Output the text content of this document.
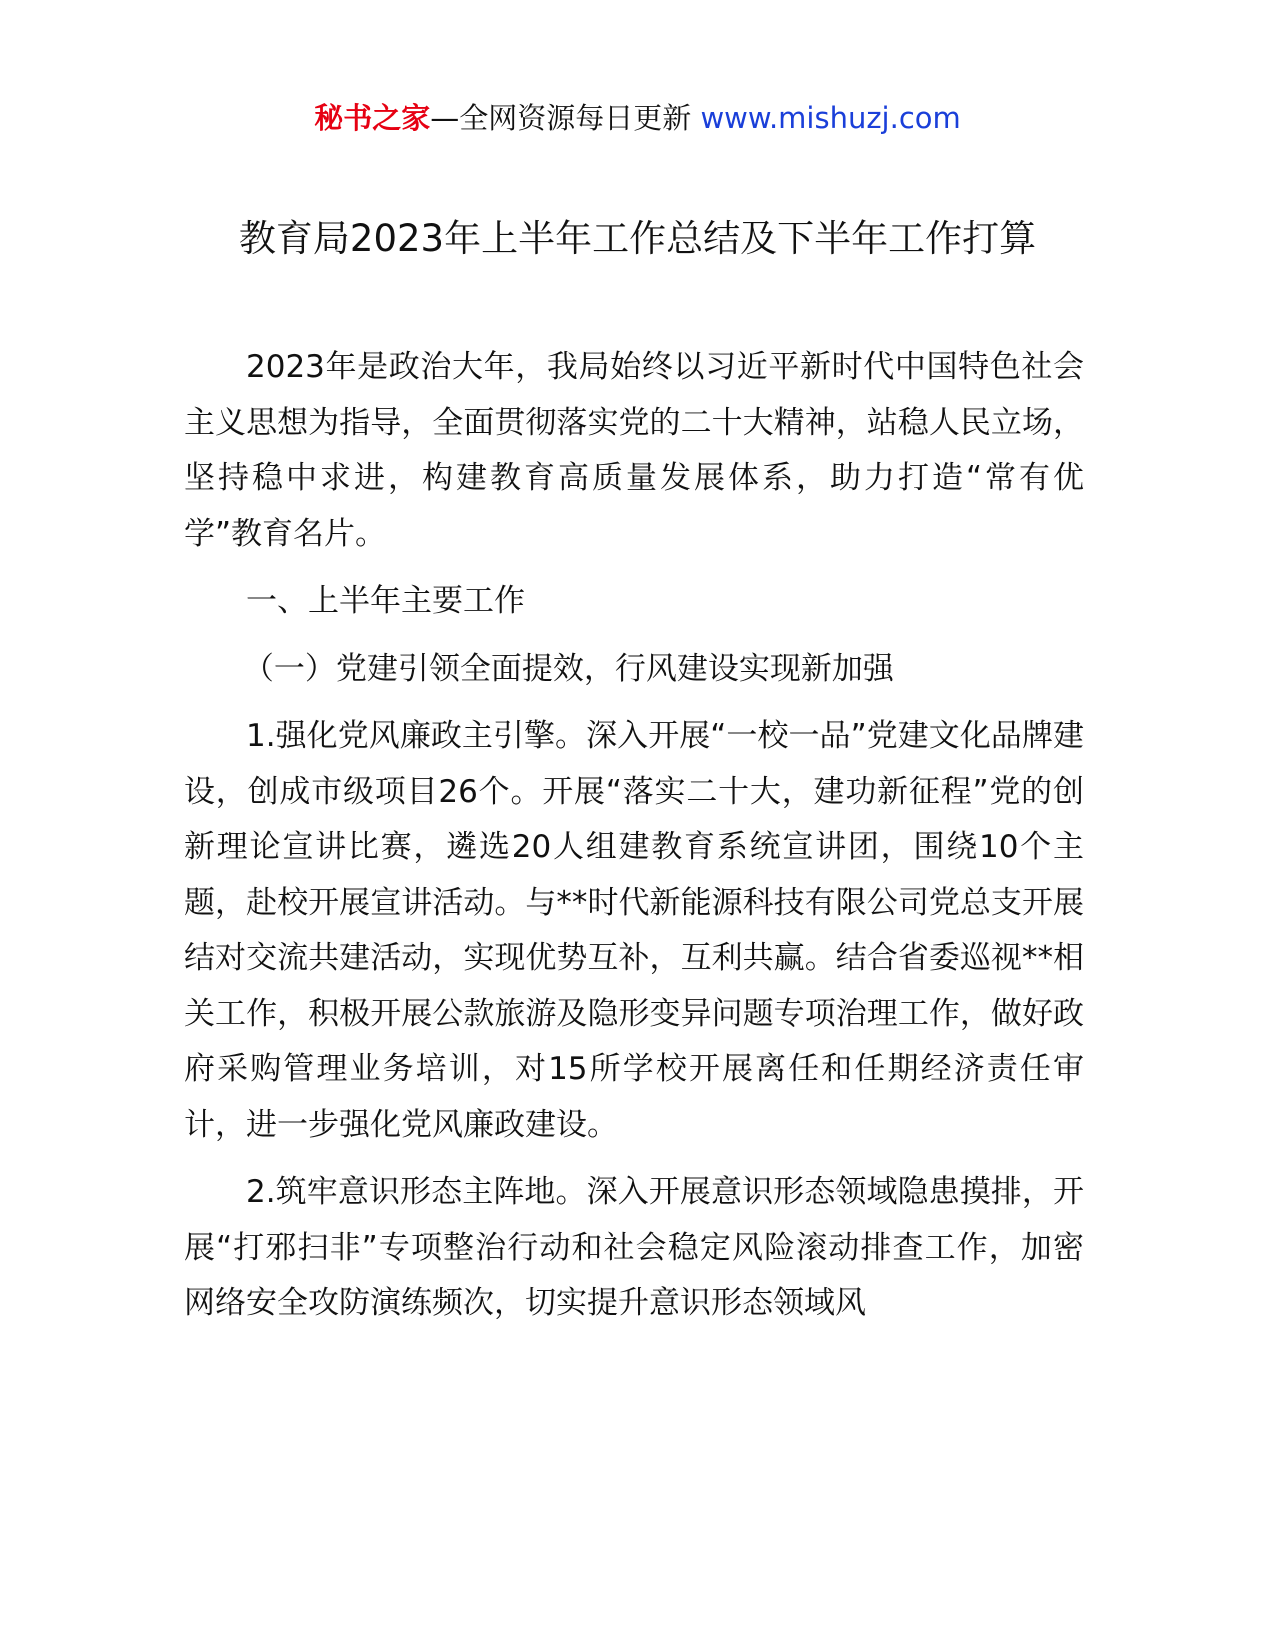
秘书之家—全网资源每日更新 www.mishuzj.com
教育局2023年上半年工作总结及下半年工作打算

2023年是政治大年，我局始终以习近平新时代中国特色社会主义思想为指导，全面贯彻落实党的二十大精神，站稳人民立场，坚持稳中求进，构建教育高质量发展体系，助力打造“常有优学”教育名片。

一、上半年主要工作

（一）党建引领全面提效，行风建设实现新加强

1.强化党风廉政主引擎。深入开展“一校一品”党建文化品牌建设，创成市级项目26个。开展“落实二十大，建功新征程”党的创新理论宣讲比赛，遴选20人组建教育系统宣讲团，围绕10个主题，赴校开展宣讲活动。与**时代新能源科技有限公司党总支开展结对交流共建活动，实现优势互补，互利共赢。结合省委巡视**相关工作，积极开展公款旅游及隐形变异问题专项治理工作，做好政府采购管理业务培训，对15所学校开展离任和任期经济责任审计，进一步强化党风廉政建设。

2.筑牢意识形态主阵地。深入开展意识形态领域隐患摸排，开展“打邪扫非”专项整治行动和社会稳定风险滚动排查工作，加密网络安全攻防演练频次，切实提升意识形态领域风
